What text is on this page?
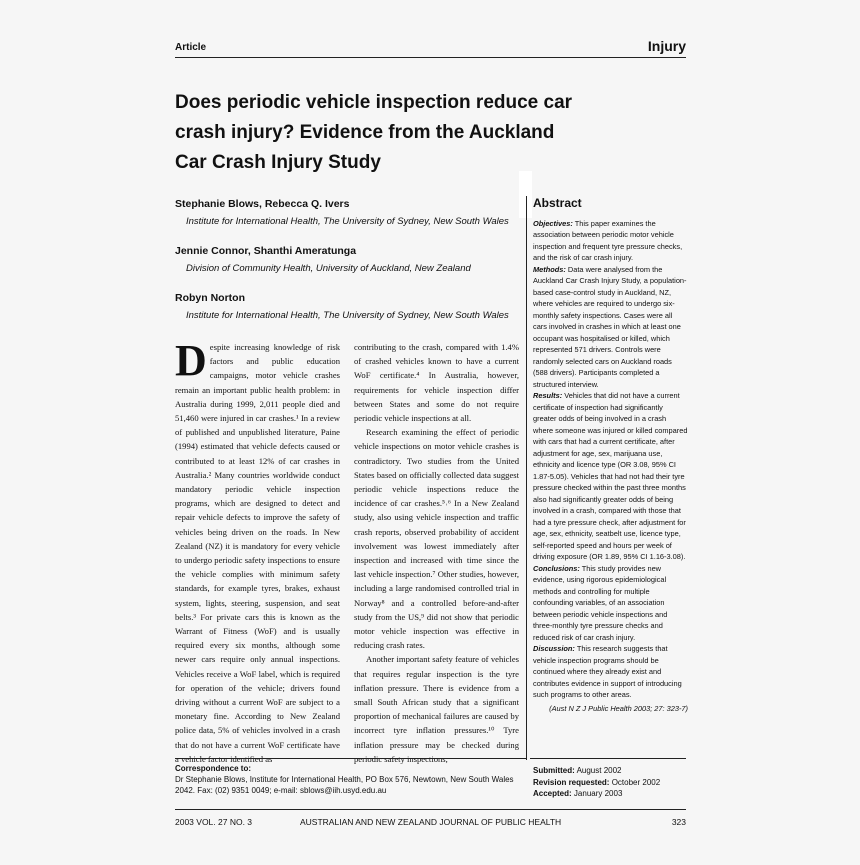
Article	Injury
Does periodic vehicle inspection reduce car crash injury? Evidence from the Auckland Car Crash Injury Study

Stephanie Blows, Rebecca Q. Ivers

Institute for International Health, The University of Sydney, New South Wales

Jennie Connor, Shanthi Ameratunga

Division of Community Health, University of Auckland, New Zealand

Robyn Norton

Institute for International Health, The University of Sydney, New South Wales

Abstract

Objectives: This paper examines the association between periodic motor vehicle inspection and frequent tyre pressure checks, and the risk of car crash injury.

Methods: Data were analysed from the Auckland Car Crash Injury Study, a population-based case-control study in Auckland, NZ, where vehicles are required to undergo six-monthly safety inspections. Cases were all cars involved in crashes in which at least one occupant was hospitalised or killed, which represented 571 drivers. Controls were randomly selected cars on Auckland roads (588 drivers). Participants completed a structured interview.

Results: Vehicles that did not have a current certificate of inspection had significantly greater odds of being involved in a crash where someone was injured or killed compared with cars that had a current certificate, after adjustment for age, sex, marijuana use, ethnicity and licence type (OR 3.08, 95% CI 1.87-5.05). Vehicles that had not had their tyre pressure checked within the past three months also had significantly greater odds of being involved in a crash, compared with those that had a tyre pressure check, after adjustment for age, sex, ethnicity, seatbelt use, licence type, self-reported speed and hours per week of driving exposure (OR 1.89, 95% CI 1.16-3.08).

Conclusions: This study provides new evidence, using rigorous epidemiological methods and controlling for multiple confounding variables, of an association between periodic vehicle inspections and three-monthly tyre pressure checks and reduced risk of car crash injury.

Discussion: This research suggests that vehicle inspection programs should be continued where they already exist and contributes evidence in support of introducing such programs to other areas.

(Aust N Z J Public Health 2003; 27: 323-7)

Despite increasing knowledge of risk factors and public education campaigns, motor vehicle crashes remain an important public health problem: in Australia during 1999, 2,011 people died and 51,460 were injured in car crashes.¹ In a review of published and unpublished literature, Paine (1994) estimated that vehicle defects caused or contributed to at least 12% of car crashes in Australia.² Many countries worldwide conduct mandatory periodic vehicle inspection programs, which are designed to detect and repair vehicle defects to improve the safety of vehicles being driven on the roads. In New Zealand (NZ) it is mandatory for every vehicle to undergo periodic safety inspections to ensure the vehicle complies with minimum safety standards, for example tyres, brakes, exhaust system, lights, steering, suspension, and seat belts.³ For private cars this is known as the Warrant of Fitness (WoF) and is usually required every six months, although some newer cars require only annual inspections. Vehicles receive a WoF label, which is required for operation of the vehicle; drivers found driving without a current WoF are subject to a monetary fine. According to New Zealand police data, 5% of vehicles involved in a crash that do not have a current WoF certificate have

contributing to the crash, compared with 1.4% of crashed vehicles known to have a current WoF certificate.⁴ In Australia, however, requirements for vehicle inspection differ between States and some do not require periodic vehicle inspections at all.

Research examining the effect of periodic vehicle inspections on motor vehicle crashes is contradictory. Two studies from the United States based on officially collected data suggest periodic vehicle inspections reduce the incidence of car crashes.⁵˒⁶ In a New Zealand study, also using vehicle inspection and traffic crash reports, observed probability of accident involvement was lowest immediately after inspection and increased with time since the last vehicle inspection.⁷ Other studies, however, including a large randomised controlled trial in Norway⁸ and a controlled before-and-after study from the US,⁹ did not show that periodic motor vehicle inspection was effective in reducing crash rates.

Another important safety feature of vehicles that requires regular inspection is the tyre inflation pressure. There is evidence from a small South African study that a significant proportion of mechanical failures are caused by incorrect tyre inflation pressures.¹⁰ Tyre inflation pressure may be checked during

Correspondence to:
Dr Stephanie Blows, Institute for International Health, PO Box 576, Newtown, New South Wales 2042. Fax: (02) 9351 0049; e-mail: sblows@iih.usyd.edu.au
Submitted: August 2002
Revision requested: October 2002
Accepted: January 2003
2003 VOL. 27 NO. 3	AUSTRALIAN AND NEW ZEALAND JOURNAL OF PUBLIC HEALTH	323
